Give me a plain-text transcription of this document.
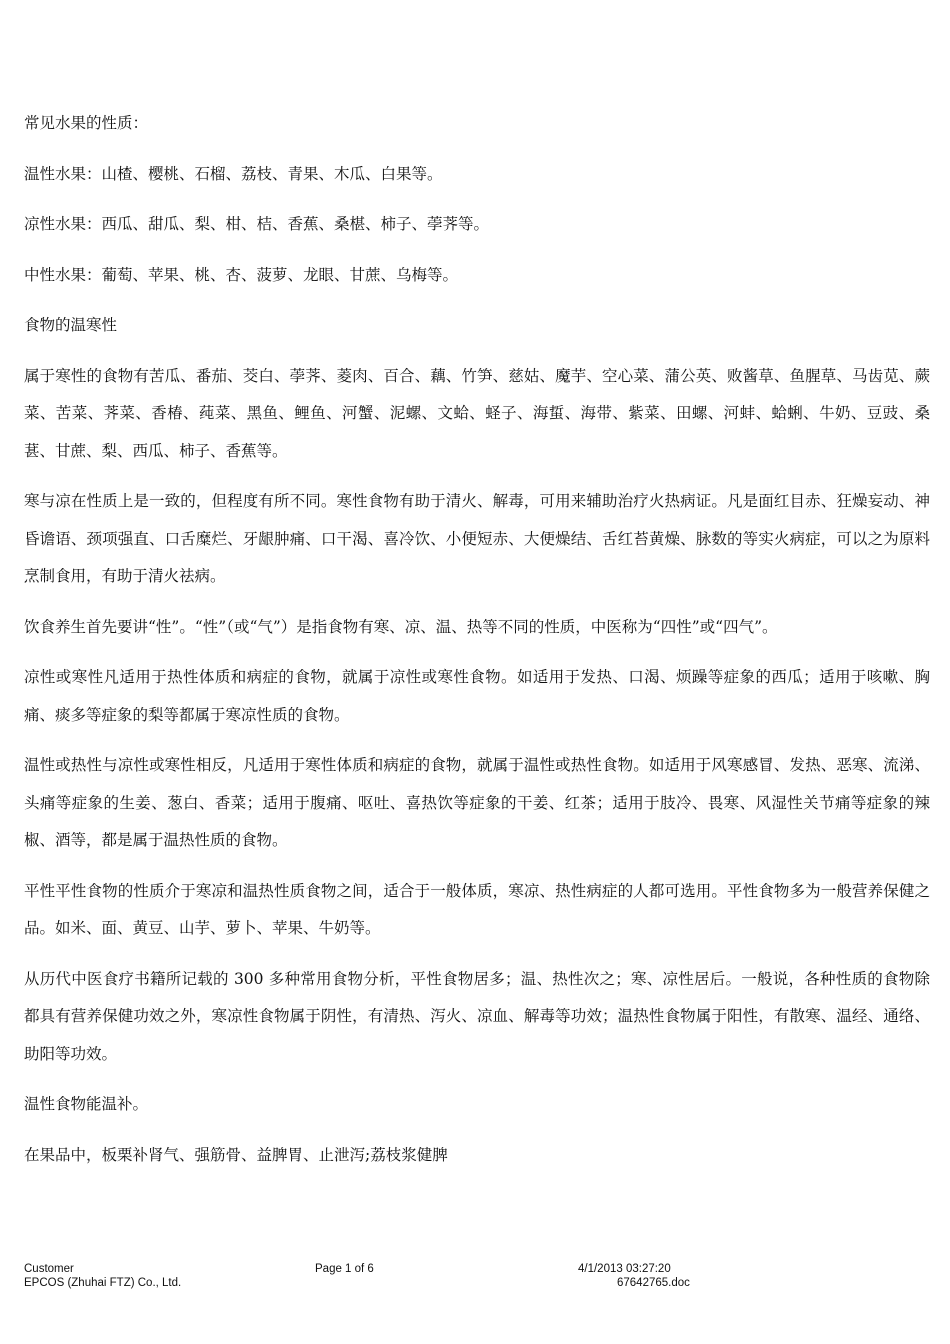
常见水果的性质：

温性水果：山楂、樱桃、石榴、荔枝、青果、木瓜、白果等。

凉性水果：西瓜、甜瓜、梨、柑、桔、香蕉、桑椹、柿子、荸荠等。

中性水果：葡萄、苹果、桃、杏、菠萝、龙眼、甘蔗、乌梅等。

食物的温寒性

属于寒性的食物有苦瓜、番茄、茭白、荸荠、菱肉、百合、藕、竹笋、慈姑、魔芋、空心菜、蒲公英、败酱草、鱼腥草、马齿苋、蕨菜、苦菜、荠菜、香椿、莼菜、黑鱼、鲤鱼、河蟹、泥螺、文蛤、蛏子、海蜇、海带、紫菜、田螺、河蚌、蛤蜊、牛奶、豆豉、桑葚、甘蔗、梨、西瓜、柿子、香蕉等。

寒与凉在性质上是一致的，但程度有所不同。寒性食物有助于清火、解毒，可用来辅助治疗火热病证。凡是面红目赤、狂燥妄动、神昏谵语、颈项强直、口舌糜烂、牙龈肿痛、口干渴、喜冷饮、小便短赤、大便燥结、舌红苔黄燥、脉数的等实火病症，可以之为原料烹制食用，有助于清火祛病。

饮食养生首先要讲“性”。“性”（或“气”）是指食物有寒、凉、温、热等不同的性质，中医称为“四性”或“四气”。

凉性或寒性凡适用于热性体质和病症的食物，就属于凉性或寒性食物。如适用于发热、口渴、烦躁等症象的西瓜；适用于咳嗽、胸痛、痰多等症象的梨等都属于寒凉性质的食物。

温性或热性与凉性或寒性相反，凡适用于寒性体质和病症的食物，就属于温性或热性食物。如适用于风寒感冒、发热、恶寒、流涕、头痛等症象的生姜、葱白、香菜；适用于腹痛、呕吐、喜热饮等症象的干姜、红茶；适用于肢冷、畏寒、风湿性关节痛等症象的辣椒、酒等，都是属于温热性质的食物。

平性平性食物的性质介于寒凉和温热性质食物之间，适合于一般体质，寒凉、热性病症的人都可选用。平性食物多为一般营养保健之品。如米、面、黄豆、山芋、萝卜、苹果、牛奶等。

从历代中医食疗书籍所记载的 300 多种常用食物分析，平性食物居多；温、热性次之；寒、凉性居后。一般说，各种性质的食物除都具有营养保健功效之外，寒凉性食物属于阴性，有清热、泻火、凉血、解毒等功效；温热性食物属于阳性，有散寒、温经、通络、助阳等功效。

温性食物能温补。

在果品中，板栗补肾气、强筋骨、益脾胃、止泄泻;荔枝浆健脾

Customer
EPCOS (Zhuhai FTZ) Co., Ltd.
Page 1 of 6	4/1/2013 03:27:20
67642765.doc
